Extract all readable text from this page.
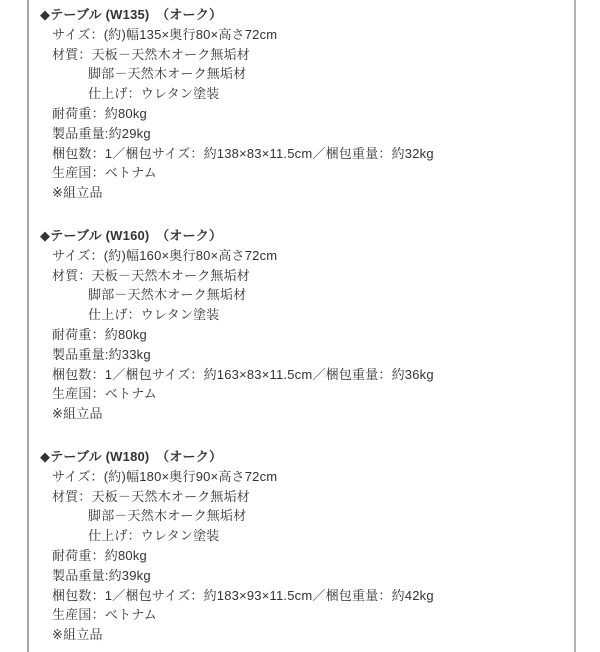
◆テーブル (W135)　（オーク）
サイズ：(約)幅135×奥行80×高さ72cm
材質：天板－天然木オーク無垢材
脚部－天然木オーク無垢材
仕上げ：ウレタン塗装
耐荷重：約80kg
製品重量:約29kg
梱包数：1／梱包サイズ：約138×83×11.5cm／梱包重量：約32kg
生産国：ベトナム
※組立品
◆テーブル (W160)　（オーク）
サイズ：(約)幅160×奥行80×高さ72cm
材質：天板－天然木オーク無垢材
脚部－天然木オーク無垢材
仕上げ：ウレタン塗装
耐荷重：約80kg
製品重量:約33kg
梱包数：1／梱包サイズ：約163×83×11.5cm／梱包重量：約36kg
生産国：ベトナム
※組立品
◆テーブル (W180)　（オーク）
サイズ：(約)幅180×奥行90×高さ72cm
材質：天板－天然木オーク無垢材
脚部－天然木オーク無垢材
仕上げ：ウレタン塗装
耐荷重：約80kg
製品重量:約39kg
梱包数：1／梱包サイズ：約183×93×11.5cm／梱包重量：約42kg
生産国：ベトナム
※組立品
